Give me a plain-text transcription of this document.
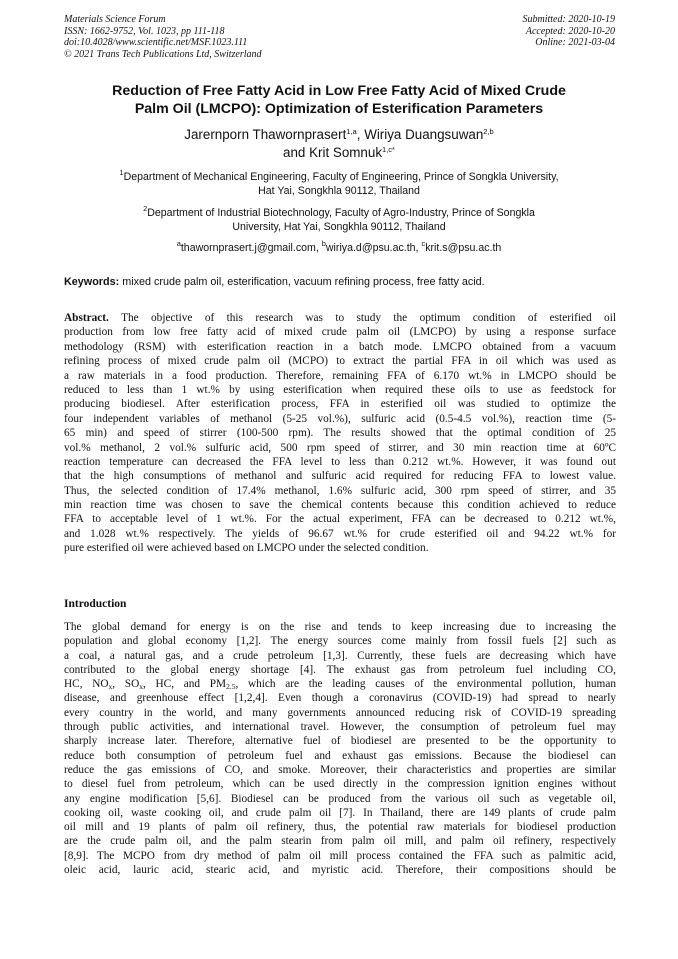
Materials Science Forum
ISSN: 1662-9752, Vol. 1023, pp 111-118
doi:10.4028/www.scientific.net/MSF.1023.111
© 2021 Trans Tech Publications Ltd, Switzerland
Submitted: 2020-10-19
Accepted: 2020-10-20
Online: 2021-03-04
Reduction of Free Fatty Acid in Low Free Fatty Acid of Mixed Crude
Palm Oil (LMCPO): Optimization of Esterification Parameters
Jarernporn Thawornprasert$^{1,a}$, Wiriya Duangsuwan$^{2,b}$
and Krit Somnuk$^{1,c*}$
$^1$Department of Mechanical Engineering, Faculty of Engineering, Prince of Songkla University,
Hat Yai, Songkhla 90112, Thailand
$^2$Department of Industrial Biotechnology, Faculty of Agro-Industry, Prince of Songkla
University, Hat Yai, Songkhla 90112, Thailand
$^a$thawornprasert.j@gmail.com, $^b$wiriya.d@psu.ac.th, $^c$krit.s@psu.ac.th
Keywords: mixed crude palm oil, esterification, vacuum refining process, free fatty acid.
Abstract. The objective of this research was to study the optimum condition of esterified oil
production from low free fatty acid of mixed crude palm oil (LMCPO) by using a response surface
methodology (RSM) with esterification reaction in a batch mode. LMCPO obtained from a vacuum
refining process of mixed crude palm oil (MCPO) to extract the partial FFA in oil which was used as
a raw materials in a food production. Therefore, remaining FFA of 6.170 wt.% in LMCPO should be
reduced to less than 1 wt.% by using esterification when required these oils to use as feedstock for
producing biodiesel. After esterification process, FFA in esterified oil was studied to optimize the
four independent variables of methanol (5-25 vol.%), sulfuric acid (0.5-4.5 vol.%), reaction time (5-
65 min) and speed of stirrer (100-500 rpm). The results showed that the optimal condition of 25
vol.% methanol, 2 vol.% sulfuric acid, 500 rpm speed of stirrer, and 30 min reaction time at 60ºC
reaction temperature can decreased the FFA level to less than 0.212 wt.%. However, it was found out
that the high consumptions of methanol and sulfuric acid required for reducing FFA to lowest value.
Thus, the selected condition of 17.4% methanol, 1.6% sulfuric acid, 300 rpm speed of stirrer, and 35
min reaction time was chosen to save the chemical contents because this condition achieved to reduce
FFA to acceptable level of 1 wt.%. For the actual experiment, FFA can be decreased to 0.212 wt.%,
and 1.028 wt.% respectively. The yields of 96.67 wt.% for crude esterified oil and 94.22 wt.% for
pure esterified oil were achieved based on LMCPO under the selected condition.
Introduction
The global demand for energy is on the rise and tends to keep increasing due to increasing the
population and global economy [1,2]. The energy sources come mainly from fossil fuels [2] such as
a coal, a natural gas, and a crude petroleum [1,3]. Currently, these fuels are decreasing which have
contributed to the global energy shortage [4]. The exhaust gas from petroleum fuel including CO,
HC, $NO_x$, $SO_x$, HC, and $PM_{2.5}$, which are the leading causes of the environmental pollution, human
disease, and greenhouse effect [1,2,4]. Even though a coronavirus (COVID-19) had spread to nearly
every country in the world, and many governments announced reducing risk of COVID-19 spreading
through public activities, and international travel. However, the consumption of petroleum fuel may
sharply increase later. Therefore, alternative fuel of biodiesel are presented to be the opportunity to
reduce both consumption of petroleum fuel and exhaust gas emissions. Because the biodiesel can
reduce the gas emissions of CO, and smoke. Moreover, their characteristics and properties are similar
to diesel fuel from petroleum, which can be used directly in the compression ignition engines without
any engine modification [5,6]. Biodiesel can be produced from the various oil such as vegetable oil,
cooking oil, waste cooking oil, and crude palm oil [7]. In Thailand, there are 149 plants of crude palm
oil mill and 19 plants of palm oil refinery, thus, the potential raw materials for biodiesel production
are the crude palm oil, and the palm stearin from palm oil mill, and palm oil refinery, respectively
[8,9]. The MCPO from dry method of palm oil mill process contained the FFA such as palmitic acid,
oleic acid, lauric acid, stearic acid, and myristic acid. Therefore, their compositions should be
